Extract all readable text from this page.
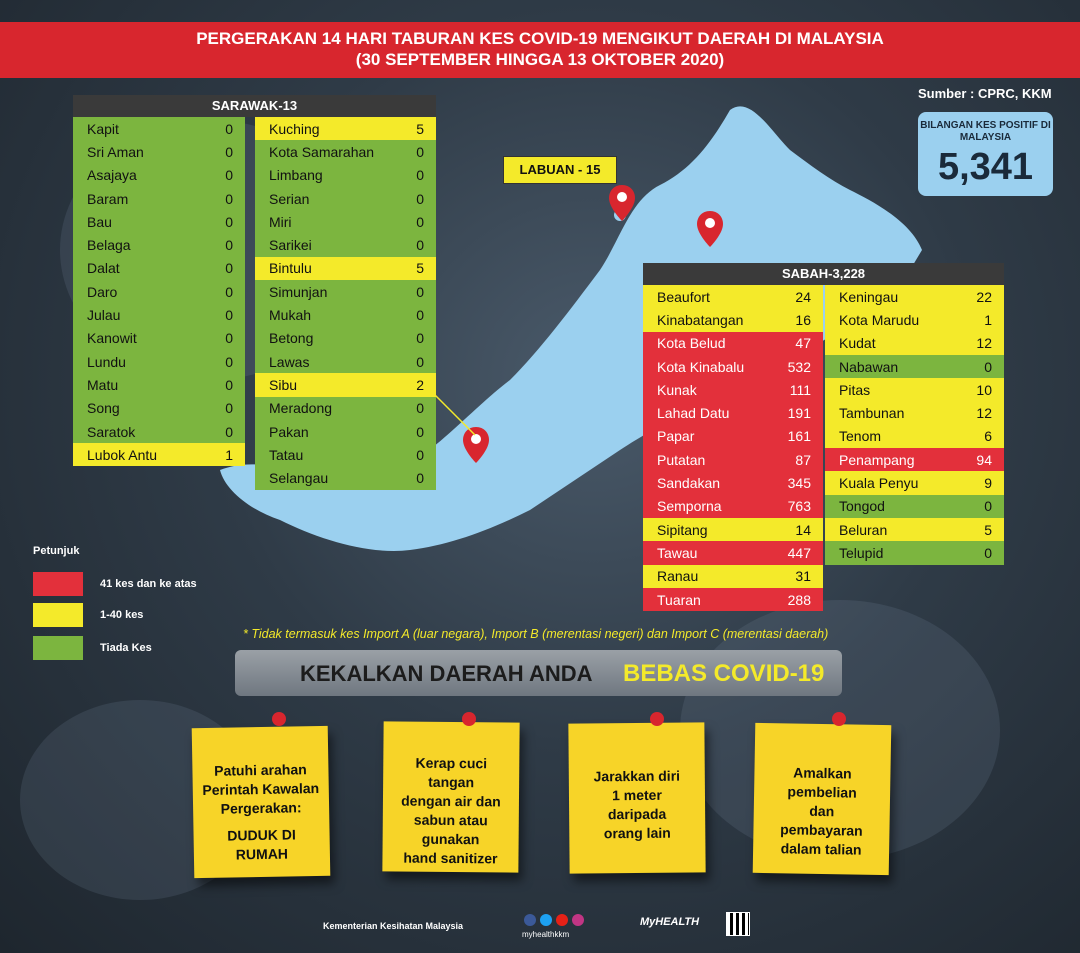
PERGERAKAN 14 HARI TABURAN KES COVID-19 MENGIKUT DAERAH DI MALAYSIA
(30 SEPTEMBER HINGGA 13 OKTOBER 2020)
Sumber : CPRC, KKM
BILANGAN KES POSITIF DI MALAYSIA
5,341
LABUAN - 15
SARAWAK-13
Kapit	0
Sri Aman	0
Asajaya	0
Baram	0
Bau	0
Belaga	0
Dalat	0
Daro	0
Julau	0
Kanowit	0
Lundu	0
Matu	0
Song	0
Saratok	0
Lubok Antu	1
Kuching	5
Kota Samarahan	0
Limbang	0
Serian	0
Miri	0
Sarikei	0
Bintulu	5
Simunjan	0
Mukah	0
Betong	0
Lawas	0
Sibu	2
Meradong	0
Pakan	0
Tatau	0
Selangau	0
SABAH-3,228
Beaufort	24
Kinabatangan	16
Kota Belud	47
Kota Kinabalu	532
Kunak	111
Lahad Datu	191
Papar	161
Putatan	87
Sandakan	345
Semporna	763
Sipitang	14
Tawau	447
Ranau	31
Tuaran	288
Keningau	22
Kota Marudu	1
Kudat	12
Nabawan	0
Pitas	10
Tambunan	12
Tenom	6
Penampang	94
Kuala Penyu	9
Tongod	0
Beluran	5
Telupid	0
Petunjuk
41 kes dan ke atas
1-40 kes
Tiada Kes
* Tidak termasuk kes Import A (luar negara), Import B (merentasi negeri) dan Import C (merentasi daerah)
KEKALKAN DAERAH ANDA BEBAS COVID-19
Patuhi arahan
Perintah Kawalan
Pergerakan:
DUDUK DI
RUMAH
Kerap cuci
tangan
dengan air dan
sabun atau
gunakan
hand sanitizer
Jarakkan diri
1 meter
daripada
orang lain
Amalkan
pembelian
dan
pembayaran
dalam talian
Kementerian Kesihatan Malaysia
myhealthkkm
MyHEALTH
